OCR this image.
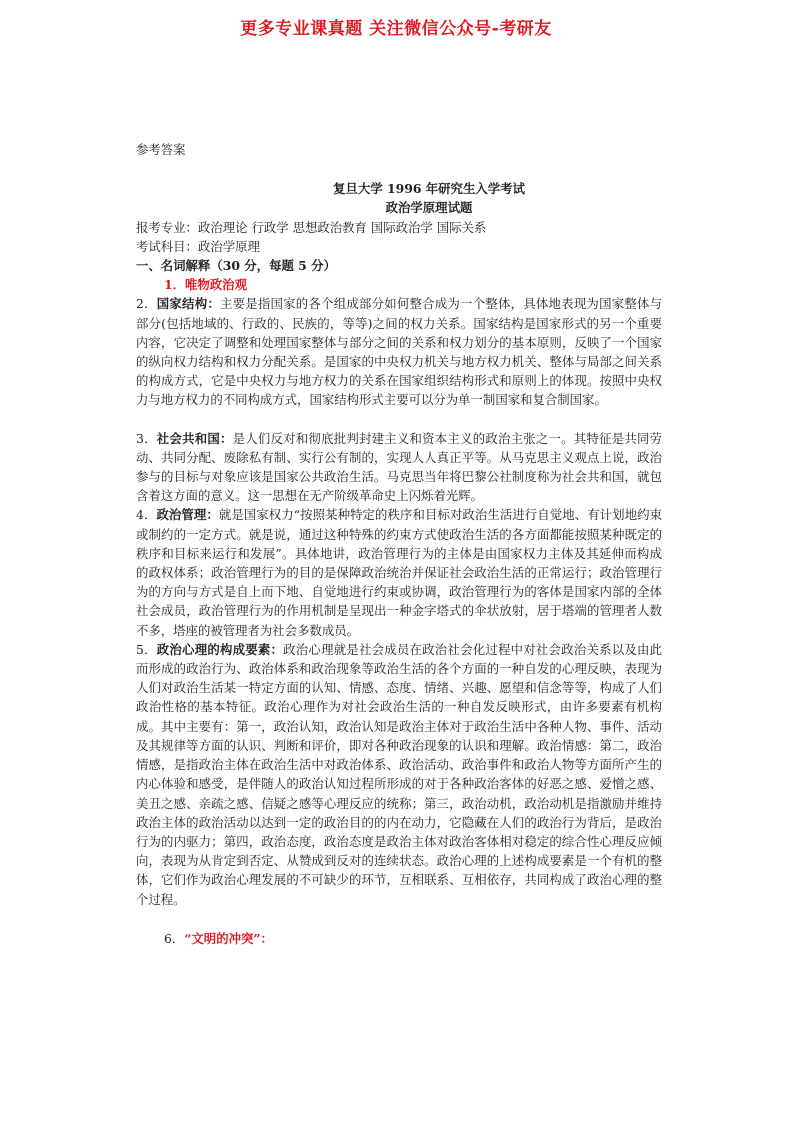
更多专业课真题 关注微信公众号-考研友

参考答案

复旦大学 1996 年研究生入学考试

政治学原理试题

报考专业：政治理论 行政学 思想政治教育 国际政治学 国际关系

考试科目：政治学原理

一、名词解释（30 分，每题 5 分）

1．唯物政治观

2．国家结构：主要是指国家的各个组成部分如何整合成为一个整体，具体地表现为国家整体与部分(包括地域的、行政的、民族的，等等)之间的权力关系。国家结构是国家形式的另一个重要内容，它决定了调整和处理国家整体与部分之间的关系和权力划分的基本原则，反映了一个国家的纵向权力结构和权力分配关系。是国家的中央权力机关与地方权力机关、整体与局部之间关系的构成方式，它是中央权力与地方权力的关系在国家组织结构形式和原则上的体现。按照中央权力与地方权力的不同构成方式，国家结构形式主要可以分为单一制国家和复合制国家。

3．社会共和国：是人们反对和彻底批判封建主义和资本主义的政治主张之一。其特征是共同劳动、共同分配、废除私有制、实行公有制的，实现人人真正平等。从马克思主义观点上说，政治参与的目标与对象应该是国家公共政治生活。马克思当年将巴黎公社制度称为社会共和国，就包含着这方面的意义。这一思想在无产阶级革命史上闪烁着光辉。

4．政治管理：就是国家权力“按照某种特定的秩序和目标对政治生活进行自觉地、有计划地约束或制约的一定方式。就是说，通过这种特殊的约束方式使政治生活的各方面都能按照某种既定的秩序和目标来运行和发展”。具体地讲，政治管理行为的主体是由国家权力主体及其延伸而构成的政权体系；政治管理行为的目的是保障政治统治并保证社会政治生活的正常运行；政治管理行为的方向与方式是自上而下地、自觉地进行约束或协调，政治管理行为的客体是国家内部的全体社会成员，政治管理行为的作用机制是呈现出一种金字塔式的伞状放射，居于塔端的管理者人数不多，塔座的被管理者为社会多数成员。

5．政治心理的构成要素：政治心理就是社会成员在政治社会化过程中对社会政治关系以及由此而形成的政治行为、政治体系和政治现象等政治生活的各个方面的一种自发的心理反映，表现为人们对政治生活某一特定方面的认知、情感、态度、情绪、兴趣、愿望和信念等等，构成了人们政治性格的基本特征。政治心理作为对社会政治生活的一种自发反映形式，由许多要素有机构成。其中主要有：第一，政治认知，政治认知是政治主体对于政治生活中各种人物、事件、活动及其规律等方面的认识、判断和评价，即对各种政治现象的认识和理解。政治情感：第二，政治情感，是指政治主体在政治生活中对政治体系、政治活动、政治事件和政治人物等方面所产生的内心体验和感受，是伴随人的政治认知过程所形成的对于各种政治客体的好恶之感、爱憎之感、美丑之感、亲疏之感、信疑之感等心理反应的统称；第三，政治动机，政治动机是指激励并维持政治主体的政治活动以达到一定的政治目的的内在动力，它隐藏在人们的政治行为背后，是政治行为的内驱力；第四，政治态度，政治态度是政治主体对政治客体相对稳定的综合性心理反应倾向，表现为从肯定到否定、从赞成到反对的连续状态。政治心理的上述构成要素是一个有机的整体，它们作为政治心理发展的不可缺少的环节，互相联系、互相依存，共同构成了政治心理的整个过程。

6．“文明的冲突”：
